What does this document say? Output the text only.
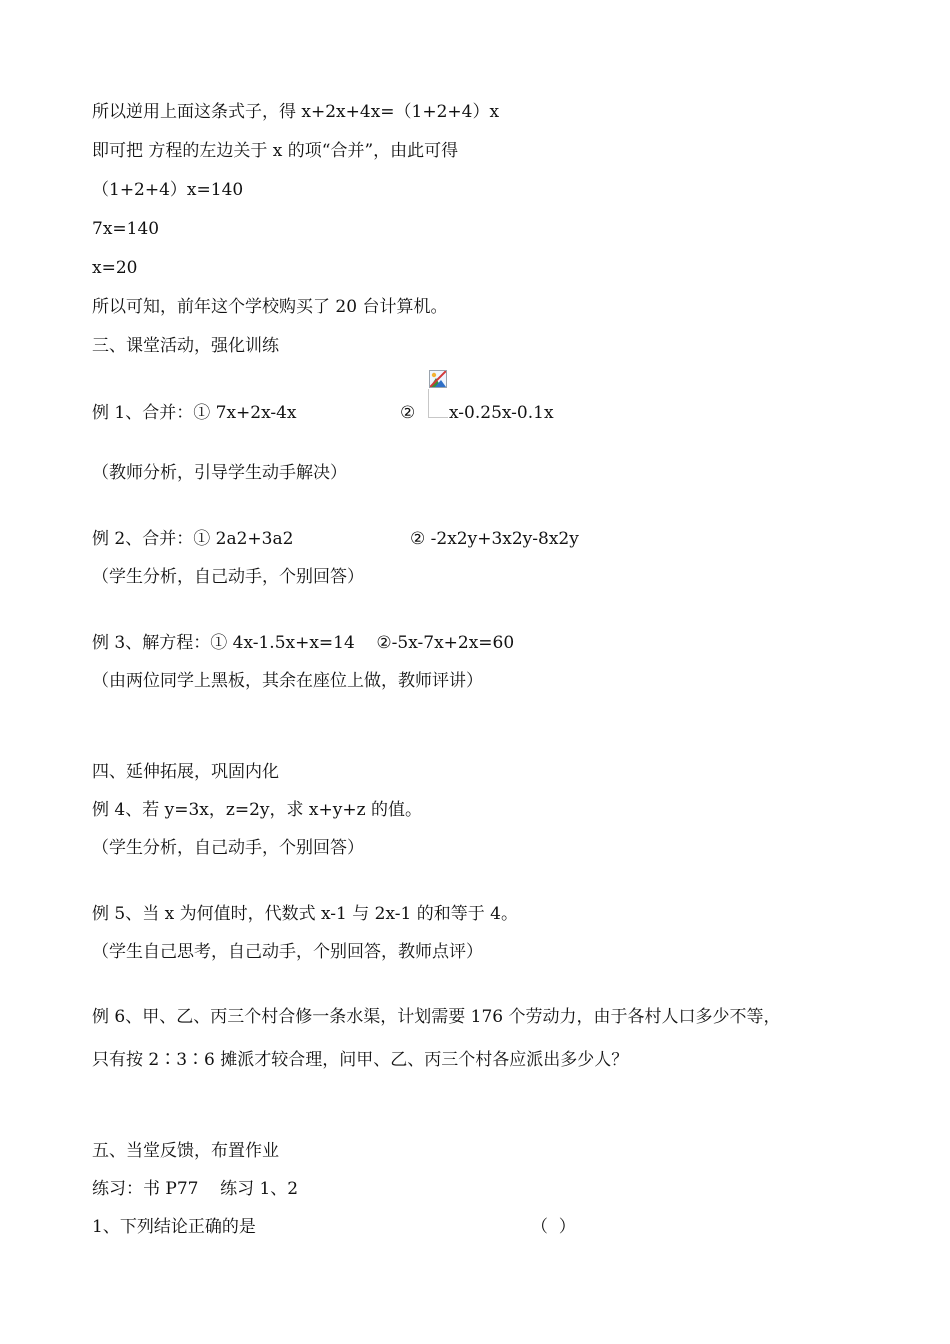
所以逆用上面这条式子，得 x+2x+4x=（1+2+4）x
即可把 方程的左边关于 x 的项“合并”，由此可得
（1+2+4）x=140
7x=140
x=20
所以可知，前年这个学校购买了 20 台计算机。
三、课堂活动，强化训练
例 1、合并：① 7x+2x-4x	② x-0.25x-0.1x
（教师分析，引导学生动手解决）
例 2、合并：① 2a2+3a2	② -2x2y+3x2y-8x2y
（学生分析，自己动手，个别回答）
例 3、解方程：① 4x-1.5x+x=14    ②-5x-7x+2x=60
（由两位同学上黑板，其余在座位上做，教师评讲）
四、延伸拓展，巩固内化
例 4、若 y=3x，z=2y，求 x+y+z 的值。
（学生分析，自己动手，个别回答）
例 5、当 x 为何值时，代数式 x-1 与 2x-1 的和等于 4。
（学生自己思考，自己动手，个别回答，教师点评）
例 6、甲、乙、丙三个村合修一条水渠，计划需要 176 个劳动力，由于各村人口多少不等，
只有按 2∶3∶6 摊派才较合理，问甲、乙、丙三个村各应派出多少人？
五、当堂反馈，布置作业
练习：书 P77    练习 1、2
1、下列结论正确的是	（  ）
